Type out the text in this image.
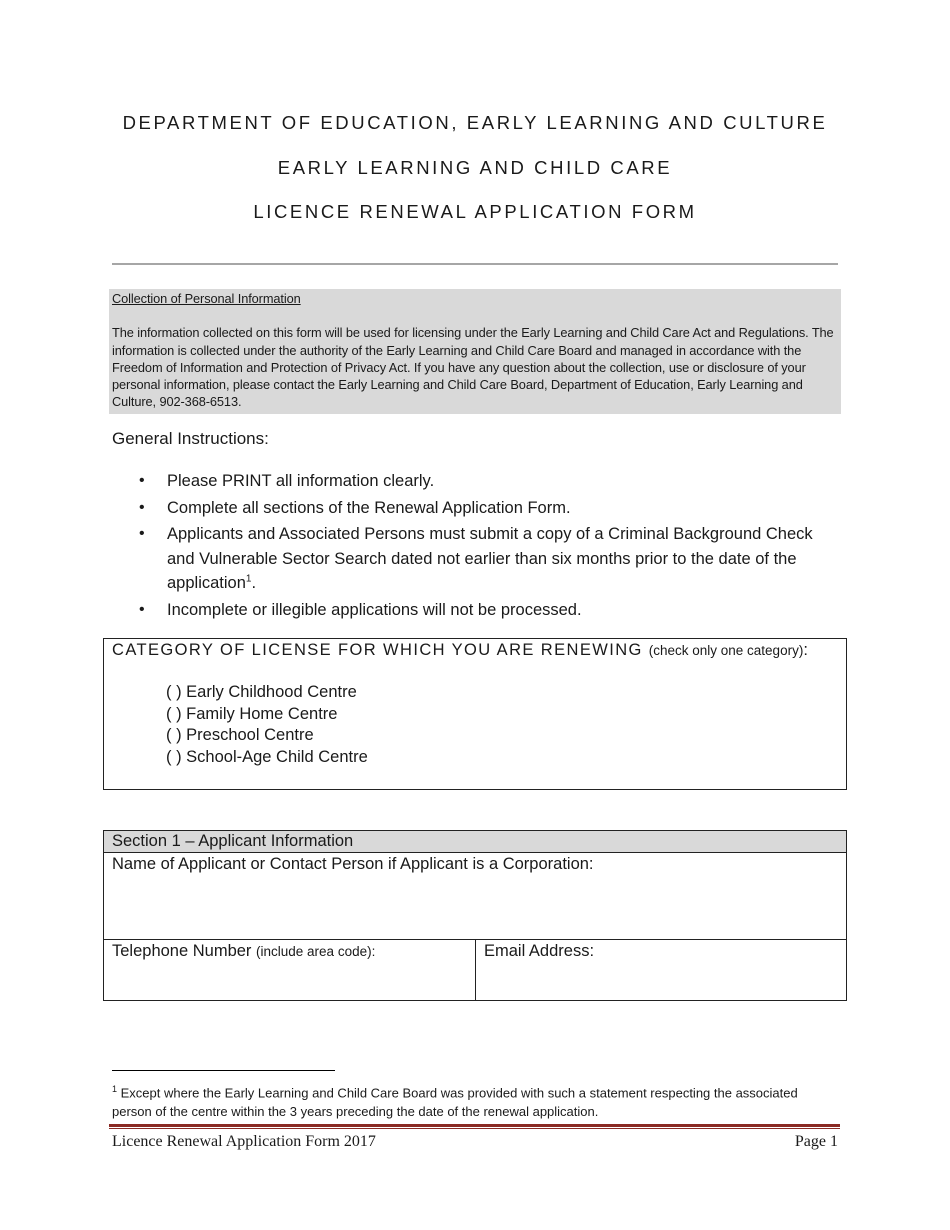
DEPARTMENT OF EDUCATION, EARLY LEARNING AND CULTURE
EARLY LEARNING AND CHILD CARE
LICENCE RENEWAL APPLICATION FORM
Collection of Personal Information
The information collected on this form will be used for licensing under the Early Learning and Child Care Act and Regulations. The information is collected under the authority of the Early Learning and Child Care Board and managed in accordance with the Freedom of Information and Protection of Privacy Act. If you have any question about the collection, use or disclosure of your personal information, please contact the Early Learning and Child Care Board, Department of Education, Early Learning and Culture, 902-368-6513.
General Instructions:
• Please PRINT all information clearly.
• Complete all sections of the Renewal Application Form.
• Applicants and Associated Persons must submit a copy of a Criminal Background Check and Vulnerable Sector Search dated not earlier than six months prior to the date of the application$^1$.
• Incomplete or illegible applications will not be processed.
CATEGORY OF LICENSE FOR WHICH YOU ARE RENEWING (check only one category):
( ) Early Childhood Centre
( ) Family Home Centre
( ) Preschool Centre
( ) School-Age Child Centre
Section 1 – Applicant Information
Name of Applicant or Contact Person if Applicant is a Corporation:
Telephone Number (include area code):	Email Address:
$^1$ Except where the Early Learning and Child Care Board was provided with such a statement respecting the associated person of the centre within the 3 years preceding the date of the renewal application.
Licence Renewal Application Form 2017	Page 1
